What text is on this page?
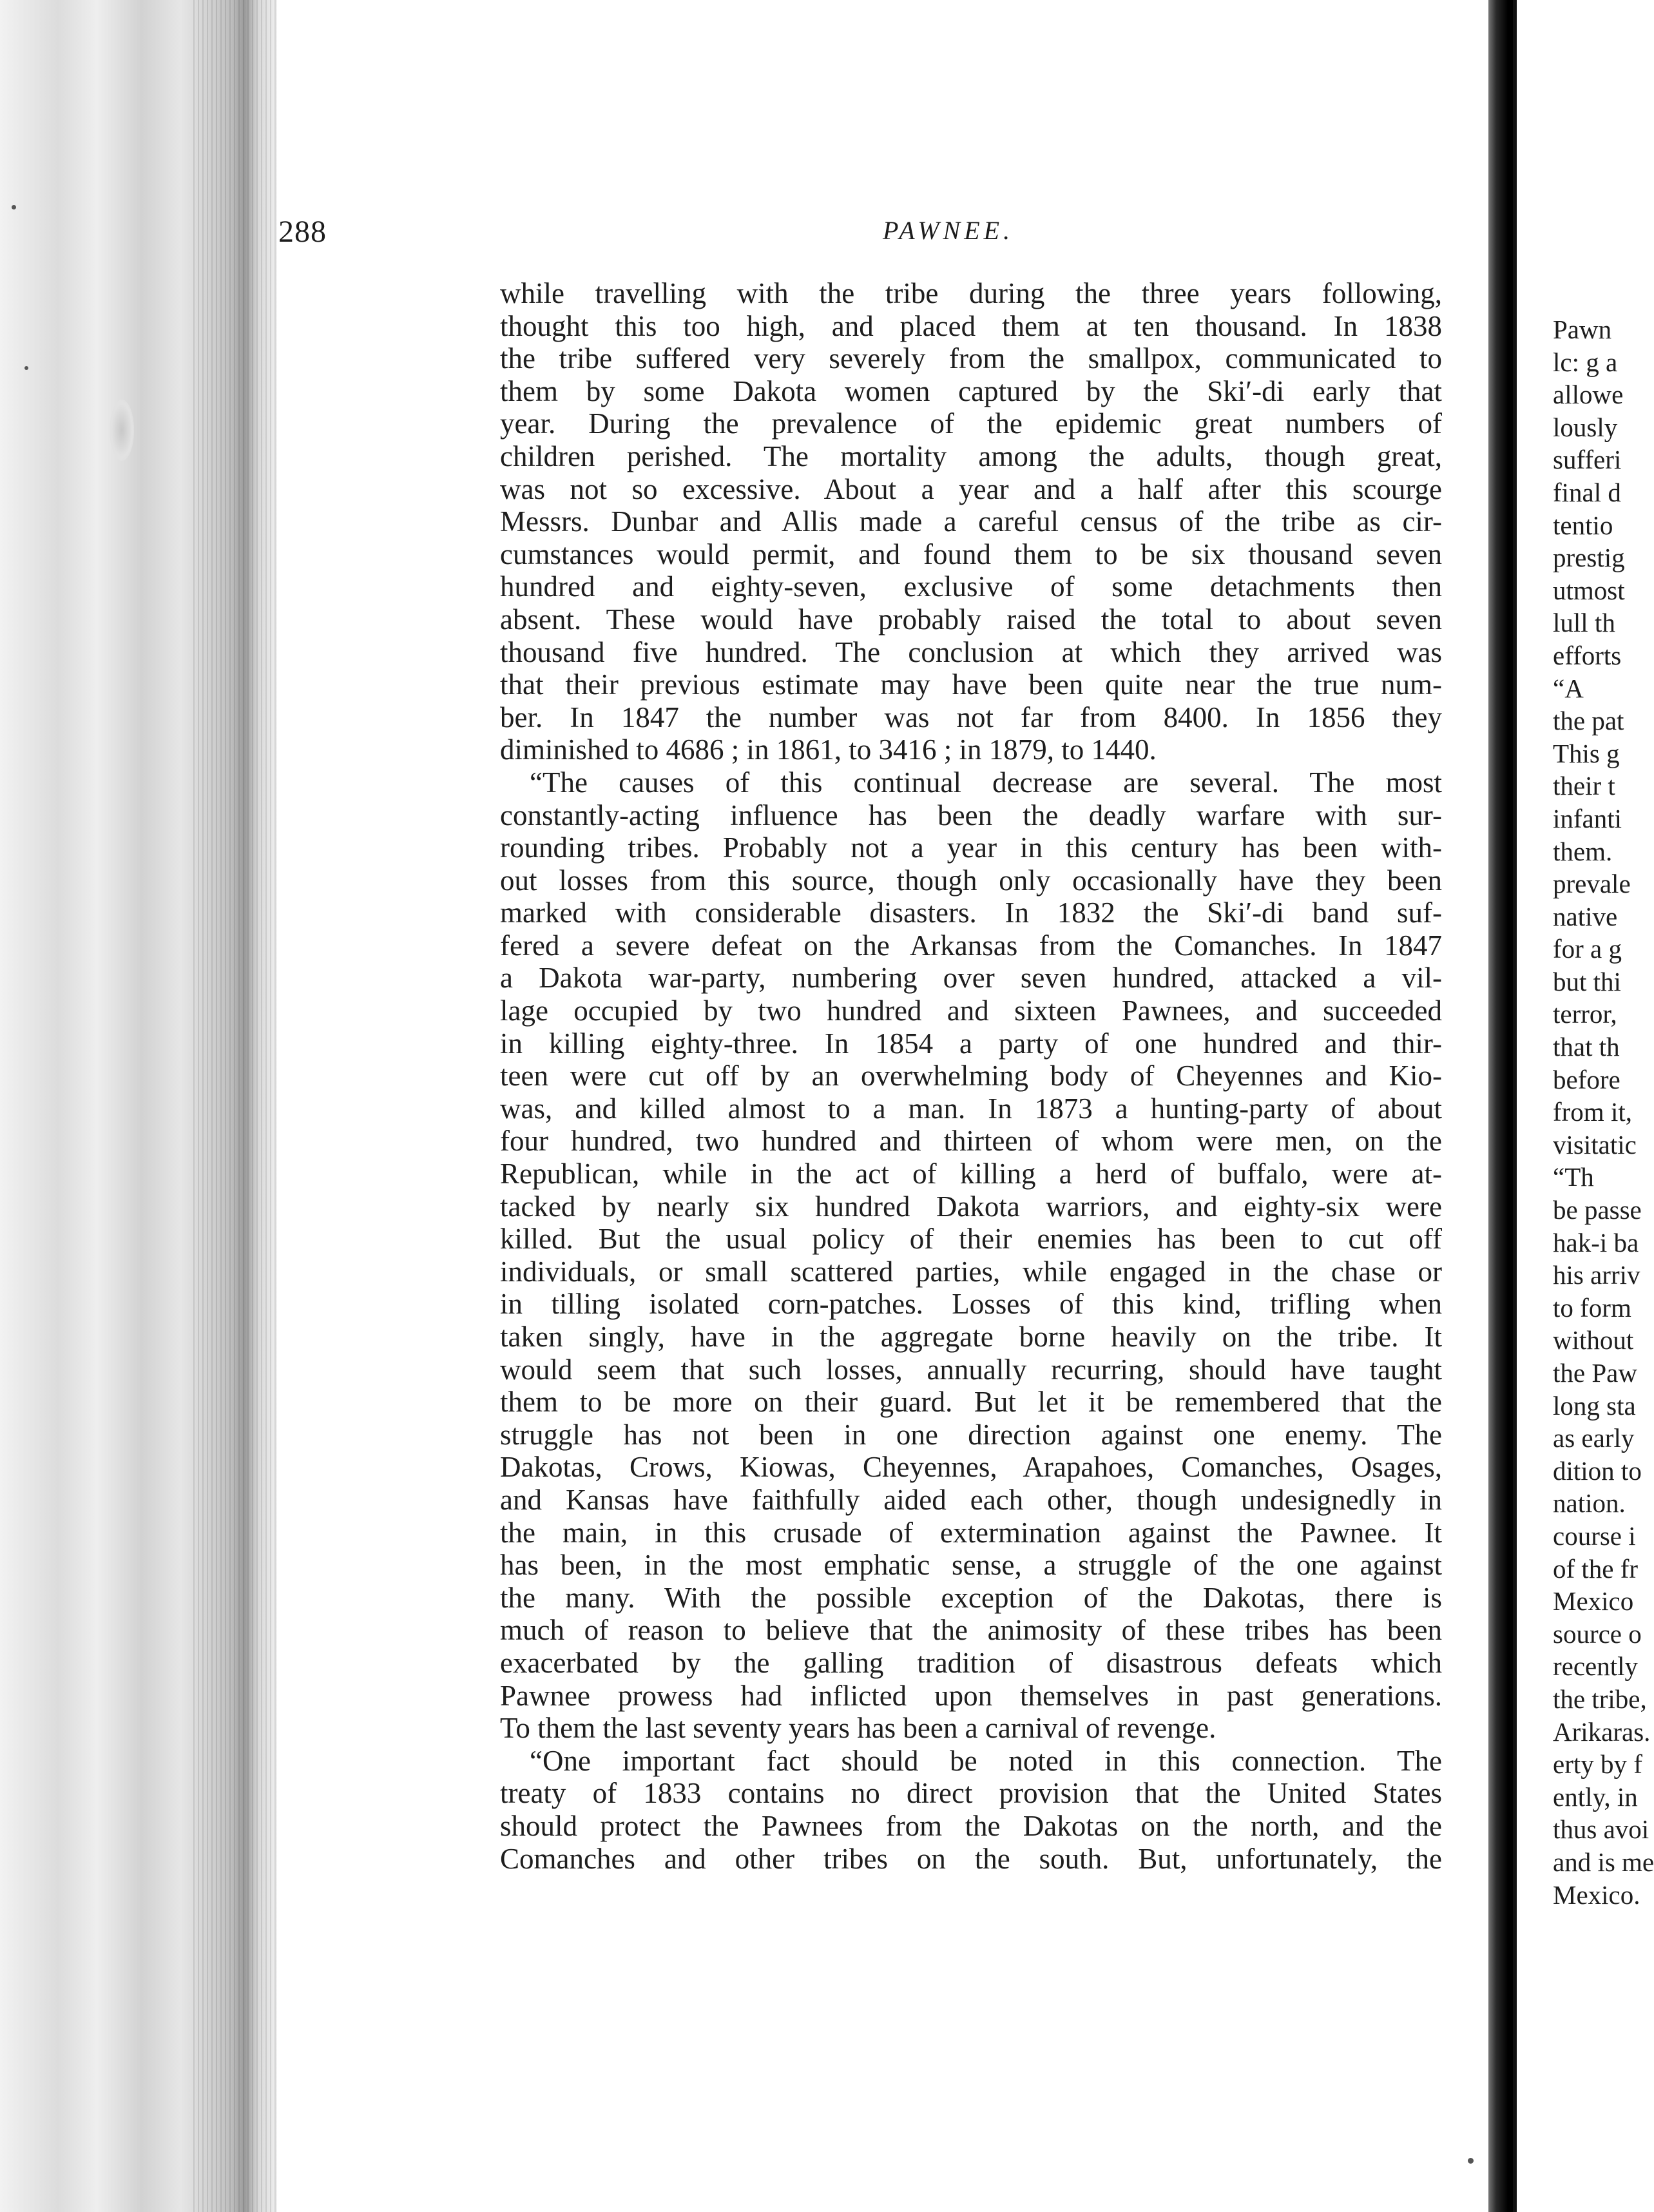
288	PAWNEE.

while travelling with the tribe during the three years following,

thought this too high, and placed them at ten thousand. In 1838

the tribe suffered very severely from the smallpox, communicated to

them by some Dakota women captured by the Ski′-di early that

year. During the prevalence of the epidemic great numbers of

children perished. The mortality among the adults, though great,

was not so excessive. About a year and a half after this scourge

Messrs. Dunbar and Allis made a careful census of the tribe as cir-

cumstances would permit, and found them to be six thousand seven

hundred and eighty-seven, exclusive of some detachments then

absent. These would have probably raised the total to about seven

thousand five hundred. The conclusion at which they arrived was

that their previous estimate may have been quite near the true num-

ber. In 1847 the number was not far from 8400. In 1856 they

diminished to 4686 ; in 1861, to 3416 ; in 1879, to 1440.

“The causes of this continual decrease are several. The most

constantly-acting influence has been the deadly warfare with sur-

rounding tribes. Probably not a year in this century has been with-

out losses from this source, though only occasionally have they been

marked with considerable disasters. In 1832 the Ski′-di band suf-

fered a severe defeat on the Arkansas from the Comanches. In 1847

a Dakota war-party, numbering over seven hundred, attacked a vil-

lage occupied by two hundred and sixteen Pawnees, and succeeded

in killing eighty-three. In 1854 a party of one hundred and thir-

teen were cut off by an overwhelming body of Cheyennes and Kio-

was, and killed almost to a man. In 1873 a hunting-party of about

four hundred, two hundred and thirteen of whom were men, on the

Republican, while in the act of killing a herd of buffalo, were at-

tacked by nearly six hundred Dakota warriors, and eighty-six were

killed. But the usual policy of their enemies has been to cut off

individuals, or small scattered parties, while engaged in the chase or

in tilling isolated corn-patches. Losses of this kind, trifling when

taken singly, have in the aggregate borne heavily on the tribe. It

would seem that such losses, annually recurring, should have taught

them to be more on their guard. But let it be remembered that the

struggle has not been in one direction against one enemy. The

Dakotas, Crows, Kiowas, Cheyennes, Arapahoes, Comanches, Osages,

and Kansas have faithfully aided each other, though undesignedly in

the main, in this crusade of extermination against the Pawnee. It

has been, in the most emphatic sense, a struggle of the one against

the many. With the possible exception of the Dakotas, there is

much of reason to believe that the animosity of these tribes has been

exacerbated by the galling tradition of disastrous defeats which

Pawnee prowess had inflicted upon themselves in past generations.

To them the last seventy years has been a carnival of revenge.

“One important fact should be noted in this connection. The

treaty of 1833 contains no direct provision that the United States

should protect the Pawnees from the Dakotas on the north, and the

Comanches and other tribes on the south. But, unfortunately, the

Pawn
lc: g a
allowe
lously
sufferi
final d
tentio
prestig
utmost
lull th
efforts
“A
the pat
This g
their t
infanti
them.
prevale
native
for a g
but thi
terror,
that th
before
from it,
visitatic
“Th
be passe
hak-i ba
his arriv
to form
without
the Paw
long sta
as early
dition to
nation.
course i
of the fr
Mexico
source o
recently
the tribe,
Arikaras.
erty by f
ently, in
thus avoi
and is me
Mexico.
